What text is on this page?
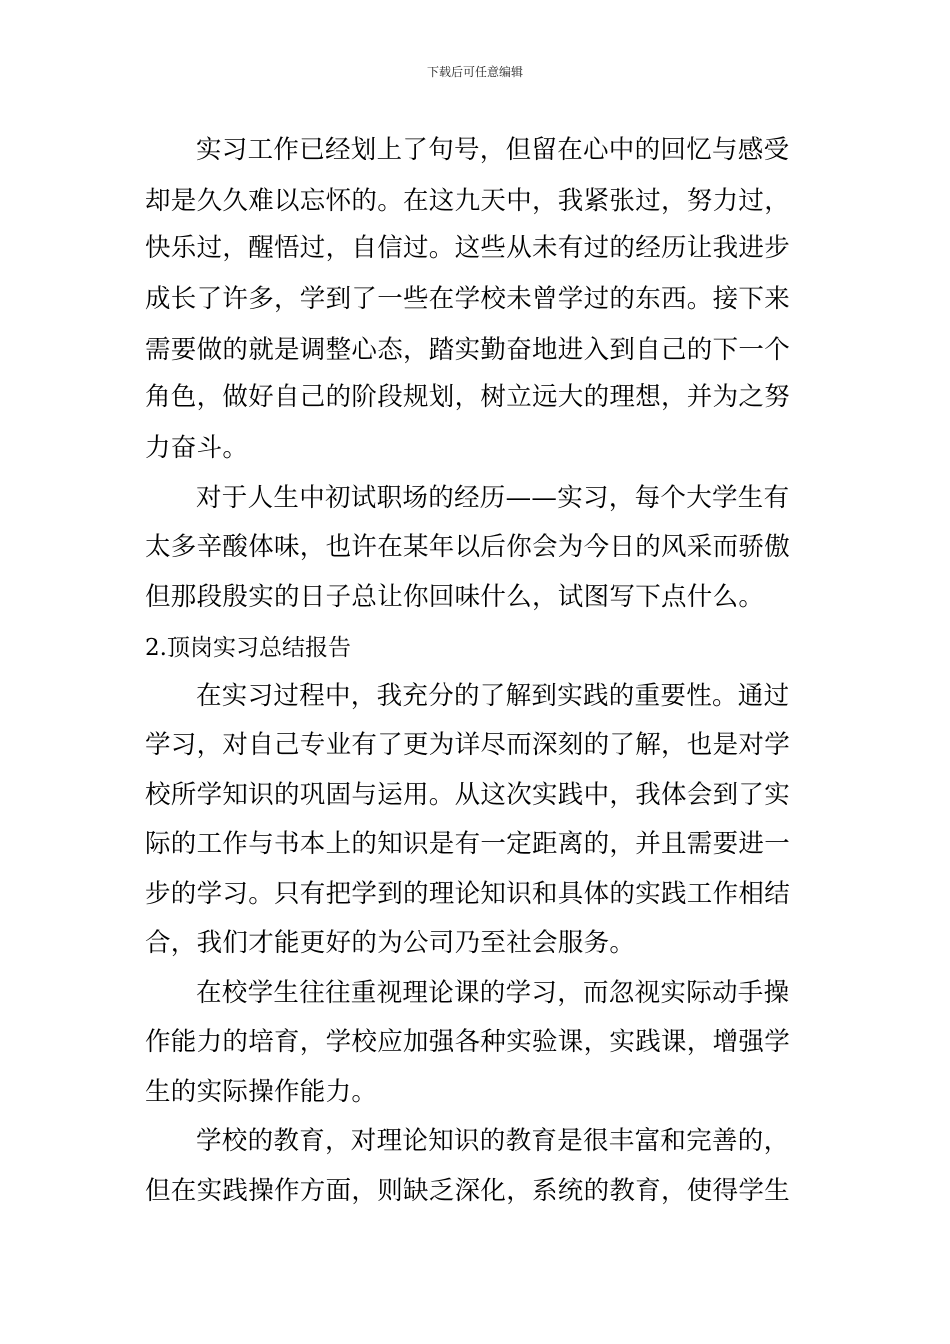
下载后可任意编辑
实习工作已经划上了句号，但留在心中的回忆与感受
却是久久难以忘怀的。在这九天中，我紧张过，努力过，
快乐过，醒悟过，自信过。这些从未有过的经历让我进步
成长了许多，学到了一些在学校未曾学过的东西。接下来
需要做的就是调整心态，踏实勤奋地进入到自己的下一个
角色，做好自己的阶段规划，树立远大的理想，并为之努
力奋斗。
对于人生中初试职场的经历——实习，每个大学生有
太多辛酸体味，也许在某年以后你会为今日的风采而骄傲
但那段殷实的日子总让你回味什么，试图写下点什么。
2.顶岗实习总结报告
在实习过程中，我充分的了解到实践的重要性。通过
学习，对自己专业有了更为详尽而深刻的了解，也是对学
校所学知识的巩固与运用。从这次实践中，我体会到了实
际的工作与书本上的知识是有一定距离的，并且需要进一
步的学习。只有把学到的理论知识和具体的实践工作相结
合，我们才能更好的为公司乃至社会服务。
在校学生往往重视理论课的学习，而忽视实际动手操
作能力的培育，学校应加强各种实验课，实践课，增强学
生的实际操作能力。
学校的教育，对理论知识的教育是很丰富和完善的，
但在实践操作方面，则缺乏深化，系统的教育，使得学生
